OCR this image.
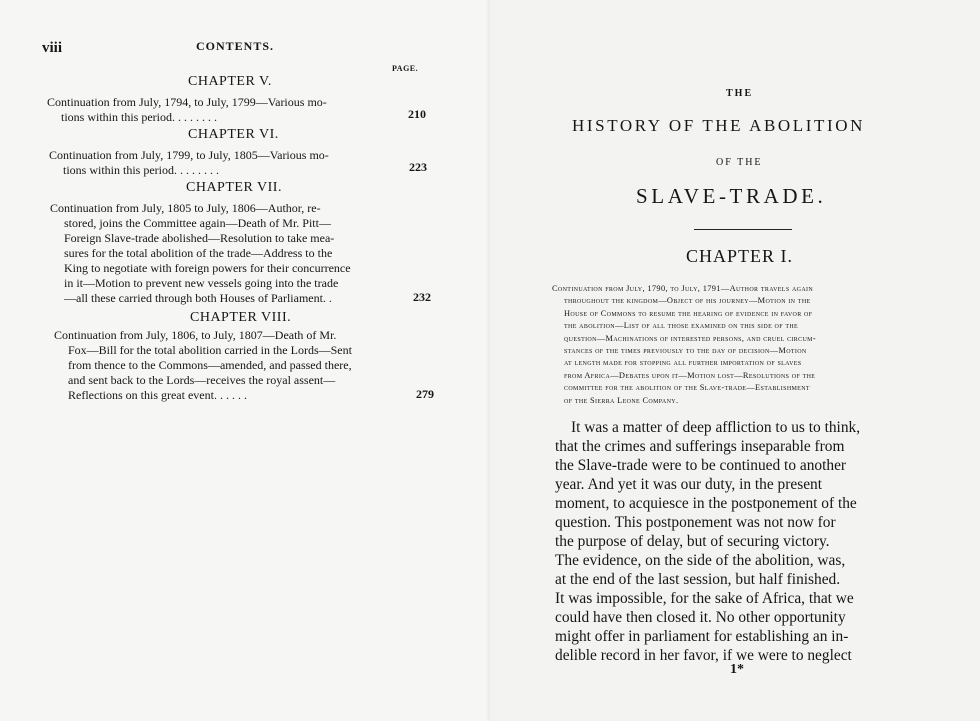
viii	CONTENTS.
PAGE.
CHAPTER V.
Continuation from July, 1794, to July, 1799—Various mo-
tions within this period. . . . . . . .	210
CHAPTER VI.
Continuation from July, 1799, to July, 1805—Various mo-
tions within this period. . . . . . . .	223
CHAPTER VII.
Continuation from July, 1805 to July, 1806—Author, re-
stored, joins the Committee again—Death of Mr. Pitt—
Foreign Slave-trade abolished—Resolution to take mea-
sures for the total abolition of the trade—Address to the
King to negotiate with foreign powers for their concurrence
in it—Motion to prevent new vessels going into the trade
—all these carried through both Houses of Parliament. .	232
CHAPTER VIII.
Continuation from July, 1806, to July, 1807—Death of Mr.
Fox—Bill for the total abolition carried in the Lords—Sent
from thence to the Commons—amended, and passed there,
and sent back to the Lords—receives the royal assent—
Reflections on this great event. . . . . .	279
THE
HISTORY OF THE ABOLITION
OF THE
SLAVE-TRADE.
CHAPTER I.
Continuation from July, 1790, to July, 1791—Author travels again
throughout the kingdom—Object of his journey—Motion in the
House of Commons to resume the hearing of evidence in favor of
the abolition—List of all those examined on this side of the
question—Machinations of interested persons, and cruel circum-
stances of the times previously to the day of decision—Motion
at length made for stopping all further importation of slaves
from Africa—Debates upon it—Motion lost—Resolutions of the
committee for the abolition of the Slave-trade—Establishment
of the Sierra Leone Company.
It was a matter of deep affliction to us to think,
that the crimes and sufferings inseparable from
the Slave-trade were to be continued to another
year. And yet it was our duty, in the present
moment, to acquiesce in the postponement of the
question. This postponement was not now for
the purpose of delay, but of securing victory.
The evidence, on the side of the abolition, was,
at the end of the last session, but half finished.
It was impossible, for the sake of Africa, that we
could have then closed it. No other opportunity
might offer in parliament for establishing an in-
delible record in her favor, if we were to neglect
1*
